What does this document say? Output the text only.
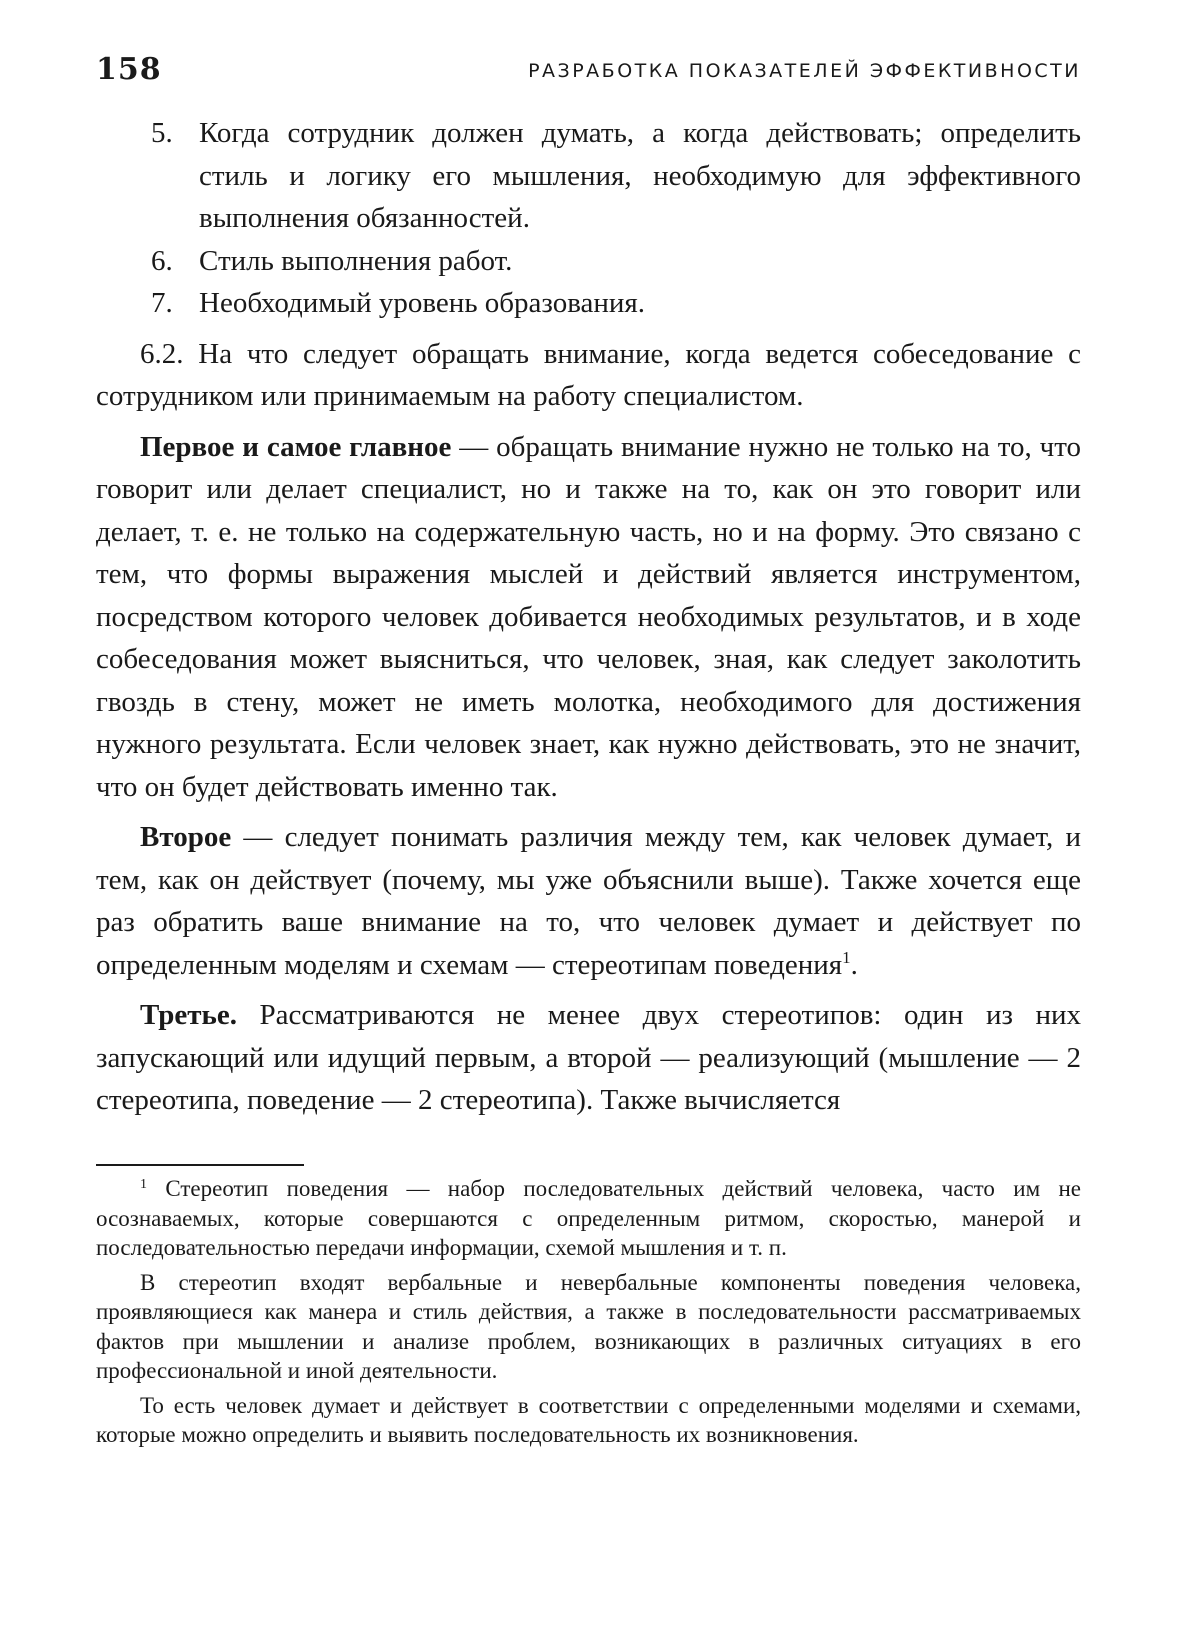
158	РАЗРАБОТКА ПОКАЗАТЕЛЕЙ ЭФФЕКТИВНОСТИ
5. Когда сотрудник должен думать, а когда действовать; определить стиль и логику его мышления, необходимую для эффективного выполнения обязанностей.
6. Стиль выполнения работ.
7. Необходимый уровень образования.

6.2. На что следует обращать внимание, когда ведется собеседование с сотрудником или принимаемым на работу специалистом.

Первое и самое главное — обращать внимание нужно не только на то, что говорит или делает специалист, но и также на то, как он это говорит или делает, т. е. не только на содержательную часть, но и на форму. Это связано с тем, что формы выражения мыслей и действий является инструментом, посредством которого человек добивается необходимых результатов, и в ходе собеседования может выясниться, что человек, зная, как следует заколотить гвоздь в стену, может не иметь молотка, необходимого для достижения нужного результата. Если человек знает, как нужно действовать, это не значит, что он будет действовать именно так.

Второе — следует понимать различия между тем, как человек думает, и тем, как он действует (почему, мы уже объяснили выше). Также хочется еще раз обратить ваше внимание на то, что человек думает и действует по определенным моделям и схемам — стереотипам поведения$^1$.

Третье. Рассматриваются не менее двух стереотипов: один из них запускающий или идущий первым, а второй — реализующий (мышление — 2 стереотипа, поведение — 2 стереотипа). Также вычисляется

$^1$ Стереотип поведения — набор последовательных действий человека, часто им не осознаваемых, которые совершаются с определенным ритмом, скоростью, манерой и последовательностью передачи информации, схемой мышления и т. п.

В стереотип входят вербальные и невербальные компоненты поведения человека, проявляющиеся как манера и стиль действия, а также в последовательности рассматриваемых фактов при мышлении и анализе проблем, возникающих в различных ситуациях в его профессиональной и иной деятельности.

То есть человек думает и действует в соответствии с определенными моделями и схемами, которые можно определить и выявить последовательность их возникновения.
